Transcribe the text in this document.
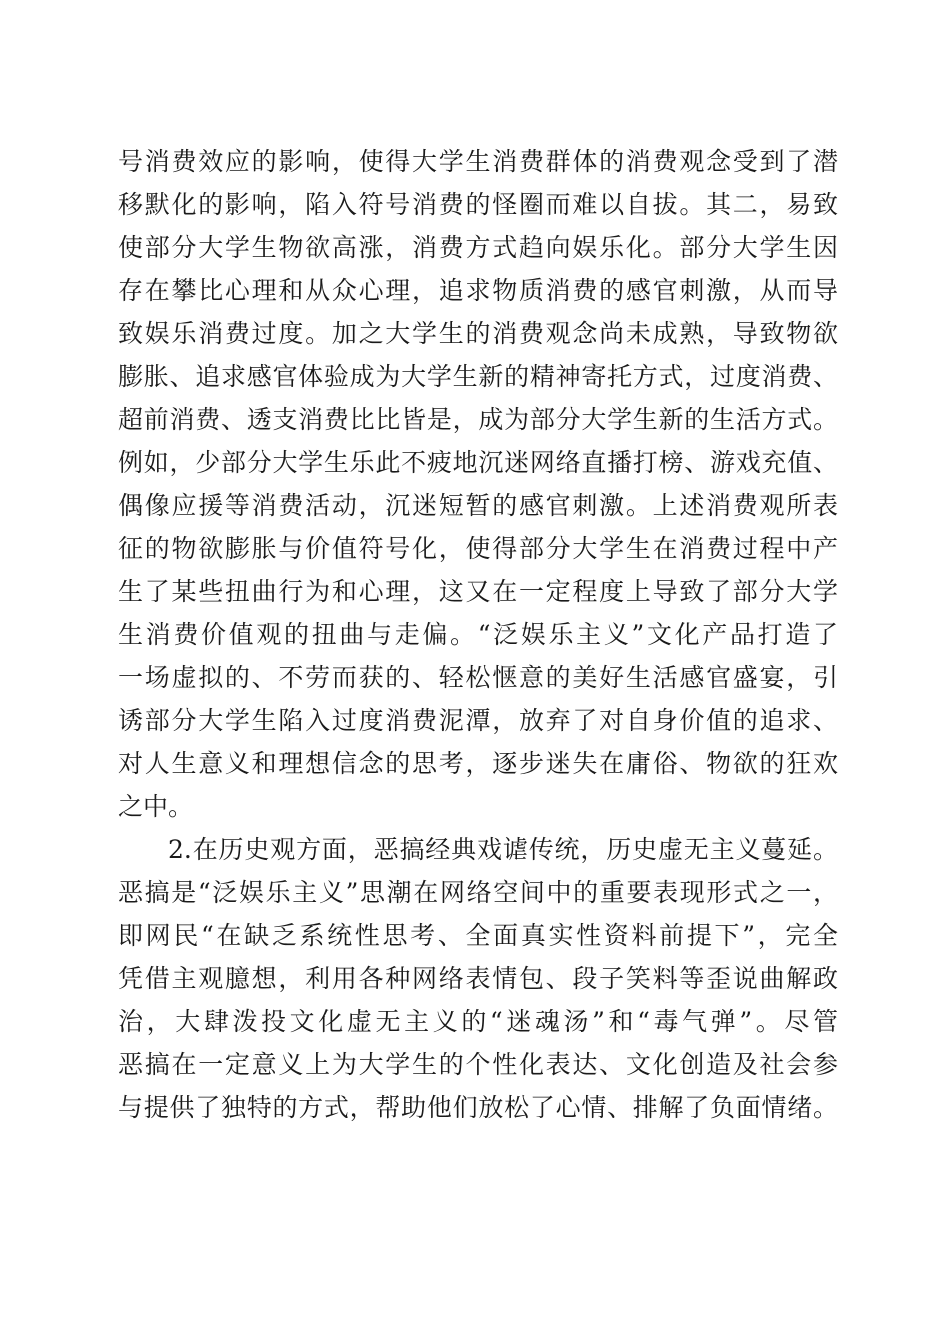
号消费效应的影响，使得大学生消费群体的消费观念受到了潜
移默化的影响，陷入符号消费的怪圈而难以自拔。其二，易致
使部分大学生物欲高涨，消费方式趋向娱乐化。部分大学生因
存在攀比心理和从众心理，追求物质消费的感官刺激，从而导
致娱乐消费过度。加之大学生的消费观念尚未成熟，导致物欲
膨胀、追求感官体验成为大学生新的精神寄托方式，过度消费、
超前消费、透支消费比比皆是，成为部分大学生新的生活方式。
例如，少部分大学生乐此不疲地沉迷网络直播打榜、游戏充值、
偶像应援等消费活动，沉迷短暂的感官刺激。上述消费观所表
征的物欲膨胀与价值符号化，使得部分大学生在消费过程中产
生了某些扭曲行为和心理，这又在一定程度上导致了部分大学
生消费价值观的扭曲与走偏。“泛娱乐主义”文化产品打造了
一场虚拟的、不劳而获的、轻松惬意的美好生活感官盛宴，引
诱部分大学生陷入过度消费泥潭，放弃了对自身价值的追求、
对人生意义和理想信念的思考，逐步迷失在庸俗、物欲的狂欢
之中。
2.在历史观方面，恶搞经典戏谑传统，历史虚无主义蔓延。
恶搞是“泛娱乐主义”思潮在网络空间中的重要表现形式之一，
即网民“在缺乏系统性思考、全面真实性资料前提下”，完全
凭借主观臆想，利用各种网络表情包、段子笑料等歪说曲解政
治，大肆泼投文化虚无主义的“迷魂汤”和“毒气弹”。尽管
恶搞在一定意义上为大学生的个性化表达、文化创造及社会参
与提供了独特的方式，帮助他们放松了心情、排解了负面情绪。
